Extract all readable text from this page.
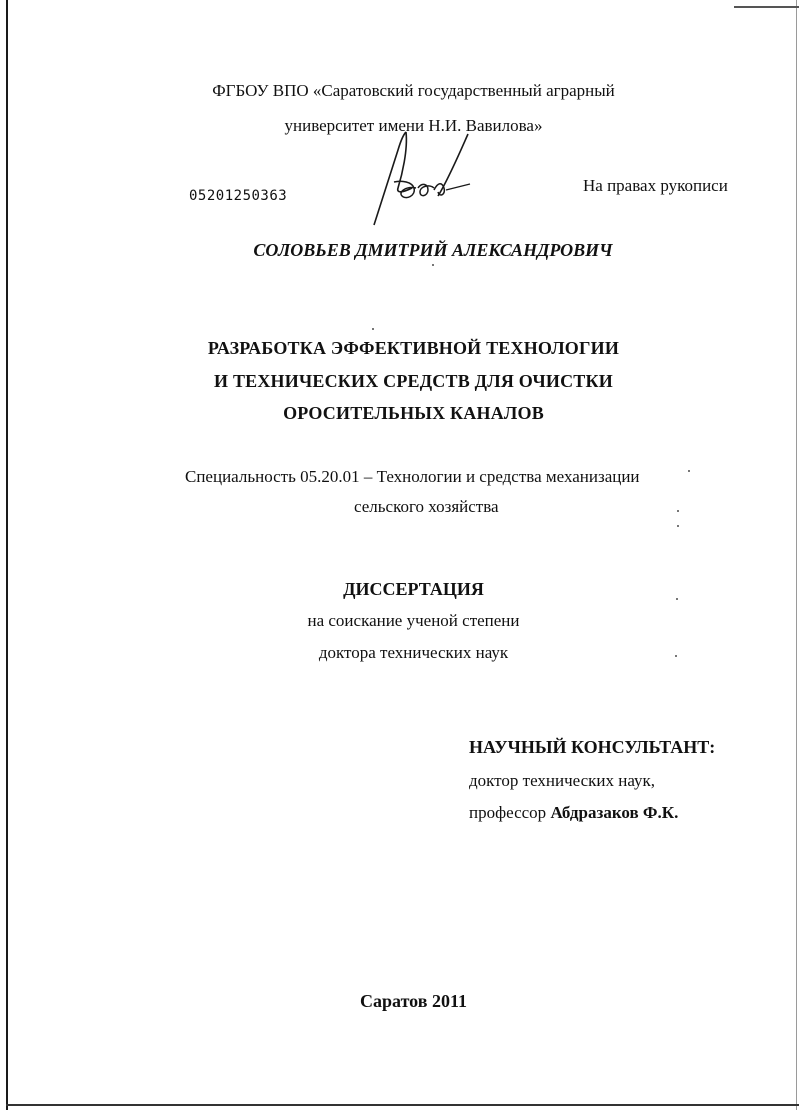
ФГБОУ ВПО «Саратовский государственный аграрный
университет имени Н.И. Вавилова»
05201250363
На правах рукописи
СОЛОВЬЕВ ДМИТРИЙ АЛЕКСАНДРОВИЧ
РАЗРАБОТКА ЭФФЕКТИВНОЙ ТЕХНОЛОГИИ
И ТЕХНИЧЕСКИХ СРЕДСТВ ДЛЯ ОЧИСТКИ
ОРОСИТЕЛЬНЫХ КАНАЛОВ
Специальность 05.20.01 – Технологии и средства механизации
сельского хозяйства
ДИССЕРТАЦИЯ
на соискание ученой степени
доктора технических наук
НАУЧНЫЙ КОНСУЛЬТАНТ:
доктор технических наук,
профессор Абдразаков Ф.К.
Саратов 2011
